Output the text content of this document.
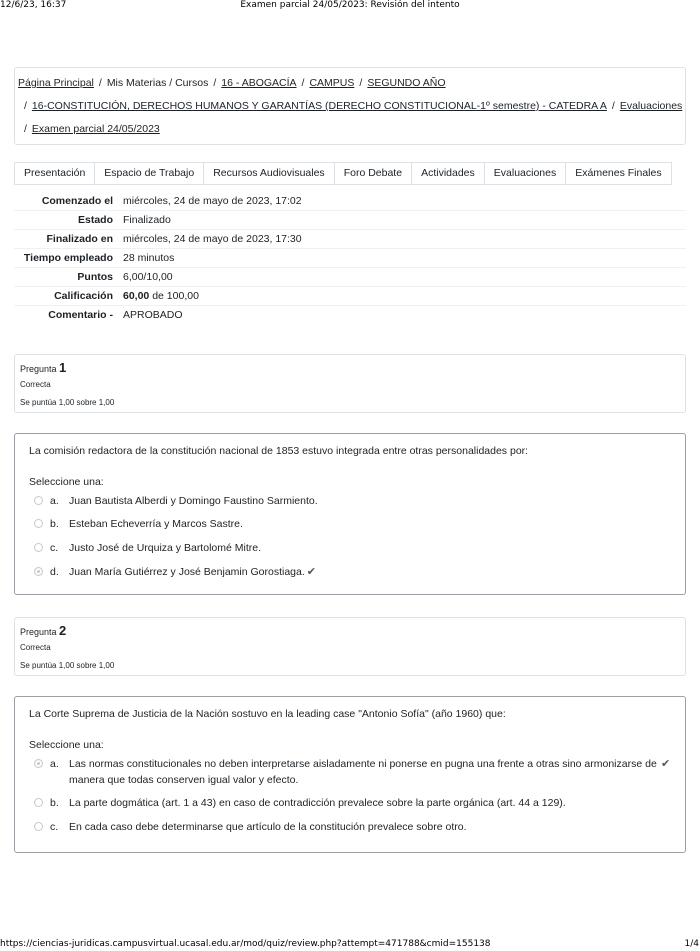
12/6/23, 16:37	Examen parcial 24/05/2023: Revisión del intento
Página Principal / Mis Materias / Cursos / 16 - ABOGACÍA / CAMPUS / SEGUNDO AÑO
/ 16-CONSTITUCIÓN, DERECHOS HUMANOS Y GARANTÍAS (DERECHO CONSTITUCIONAL-1º semestre) - CATEDRA A / Evaluaciones
/ Examen parcial 24/05/2023
Presentación	Espacio de Trabajo	Recursos Audiovisuales	Foro Debate	Actividades	Evaluaciones	Exámenes Finales
Comenzado el	miércoles, 24 de mayo de 2023, 17:02
Estado	Finalizado
Finalizado en	miércoles, 24 de mayo de 2023, 17:30
Tiempo empleado	28 minutos
Puntos	6,00/10,00
Calificación	60,00 de 100,00
Comentario -	APROBADO
Pregunta 1
Correcta
Se puntúa 1,00 sobre 1,00
La comisión redactora de la constitución nacional de 1853 estuvo integrada entre otras personalidades por:
Seleccione una:
a. Juan Bautista Alberdi y Domingo Faustino Sarmiento.
b. Esteban Echeverría y Marcos Sastre.
c. Justo José de Urquiza y Bartolomé Mitre.
d. Juan María Gutiérrez y José Benjamin Gorostiaga. ✔
Pregunta 2
Correcta
Se puntúa 1,00 sobre 1,00
La Corte Suprema de Justicia de la Nación sostuvo en la leading case "Antonio Sofía" (año 1960) que:
Seleccione una:
a. Las normas constitucionales no deben interpretarse aisladamente ni ponerse en pugna una frente a otras sino armonizarse de manera que todas conserven igual valor y efecto.
✔
b. La parte dogmática (art. 1 a 43) en caso de contradicción prevalece sobre la parte orgánica (art. 44 a 129).
c. En cada caso debe determinarse que artículo de la constitución prevalece sobre otro.
https://ciencias-juridicas.campusvirtual.ucasal.edu.ar/mod/quiz/review.php?attempt=471788&cmid=155138	1/4
